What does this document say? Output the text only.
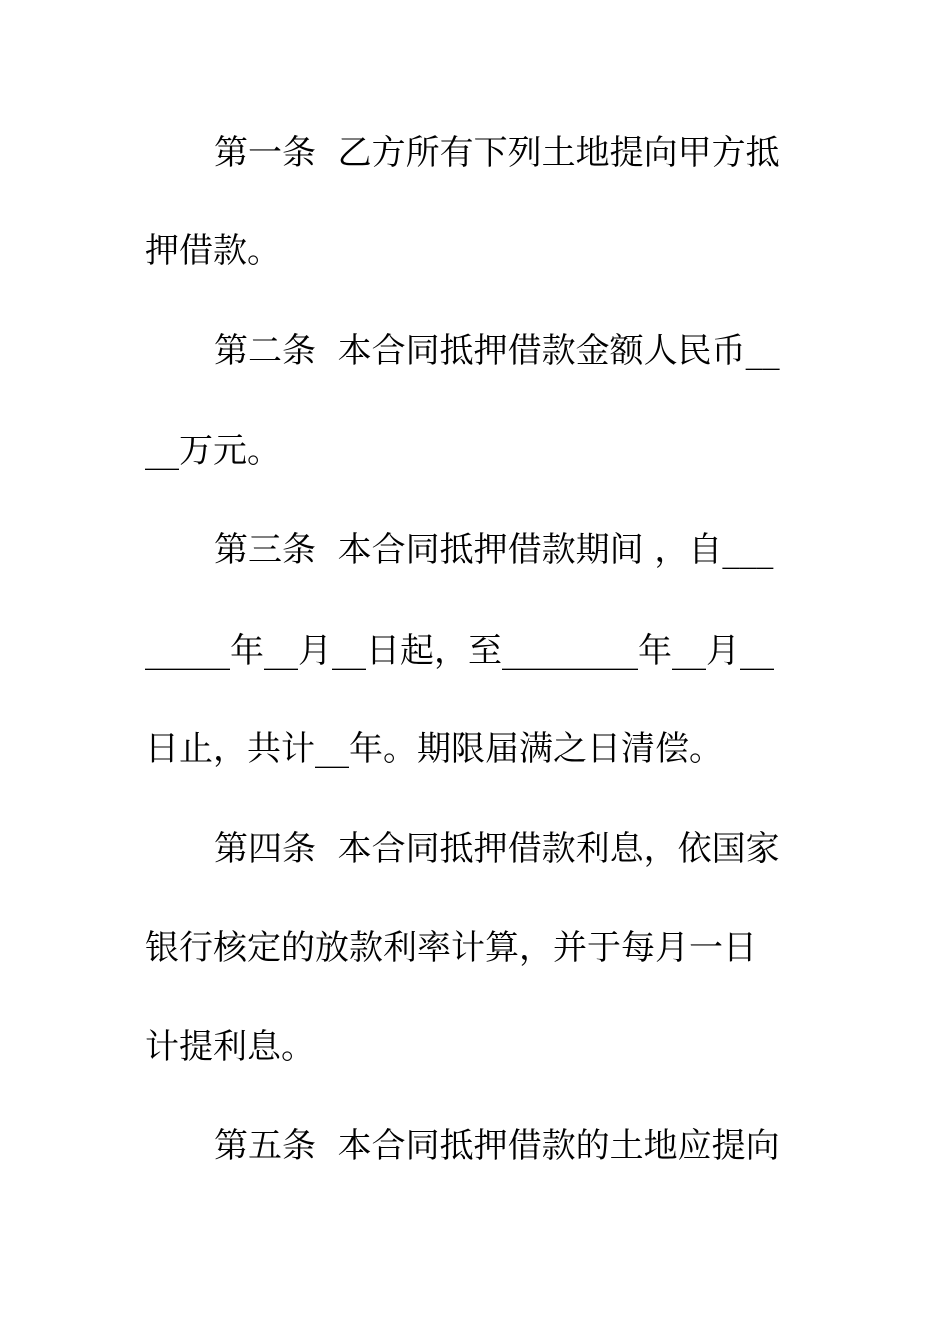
第一条  乙方所有下列土地提向甲方抵

押借款。

第二条  本合同抵押借款金额人民币__

__万元。

第三条  本合同抵押借款期间 ，自___

_____年__月__日起，至________年__月__

日止，共计__年。期限届满之日清偿。

第四条  本合同抵押借款利息，依国家

银行核定的放款利率计算，并于每月一日

计提利息。

第五条  本合同抵押借款的土地应提向
